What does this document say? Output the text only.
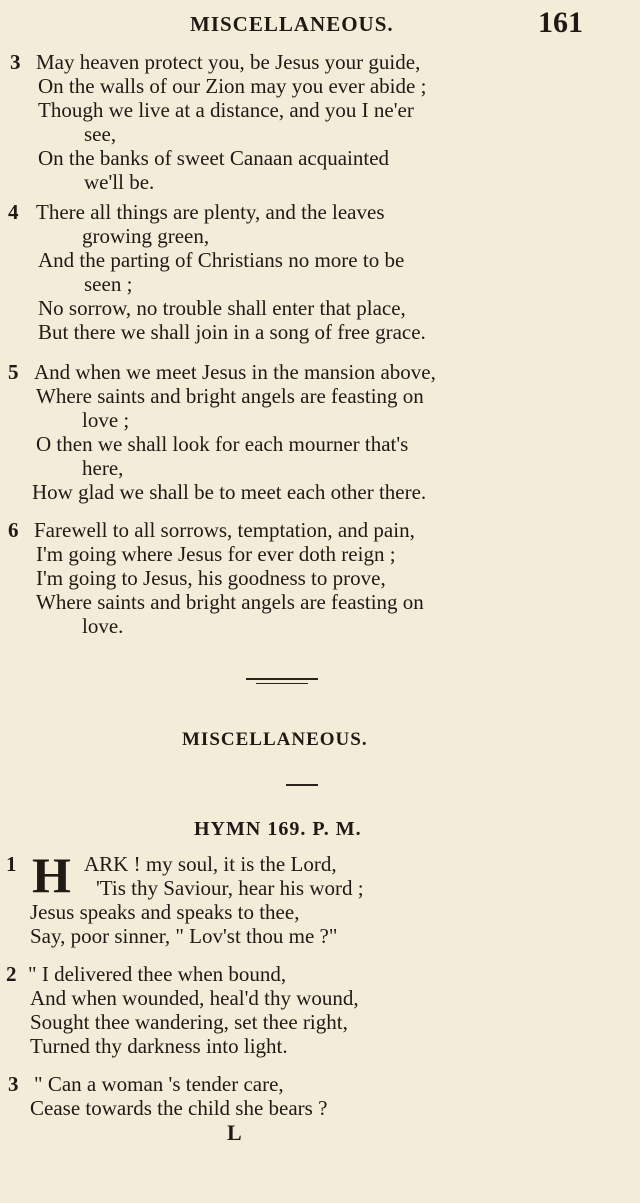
MISCELLANEOUS.	161
3 May heaven protect you, be Jesus your guide,
On the walls of our Zion may you ever abide ;
Though we live at a distance, and you I ne'er
see,
On the banks of sweet Canaan acquainted
we'll be.
4 There all things are plenty, and the leaves
growing green,
And the parting of Christians no more to be
seen ;
No sorrow, no trouble shall enter that place,
But there we shall join in a song of free grace.
5 And when we meet Jesus in the mansion above,
Where saints and bright angels are feasting on
love ;
O then we shall look for each mourner that's
here,
How glad we shall be to meet each other there.
6 Farewell to all sorrows, temptation, and pain,
I'm going where Jesus for ever doth reign ;
I'm going to Jesus, his goodness to prove,
Where saints and bright angels are feasting on
love.
MISCELLANEOUS.
HYMN 169. P. M.
1 H ARK ! my soul, it is the Lord,
'Tis thy Saviour, hear his word ;
Jesus speaks and speaks to thee,
Say, poor sinner, " Lov'st thou me ?"
2 " I delivered thee when bound,
And when wounded, heal'd thy wound,
Sought thee wandering, set thee right,
Turned thy darkness into light.
3 " Can a woman 's tender care,
Cease towards the child she bears ?
L
